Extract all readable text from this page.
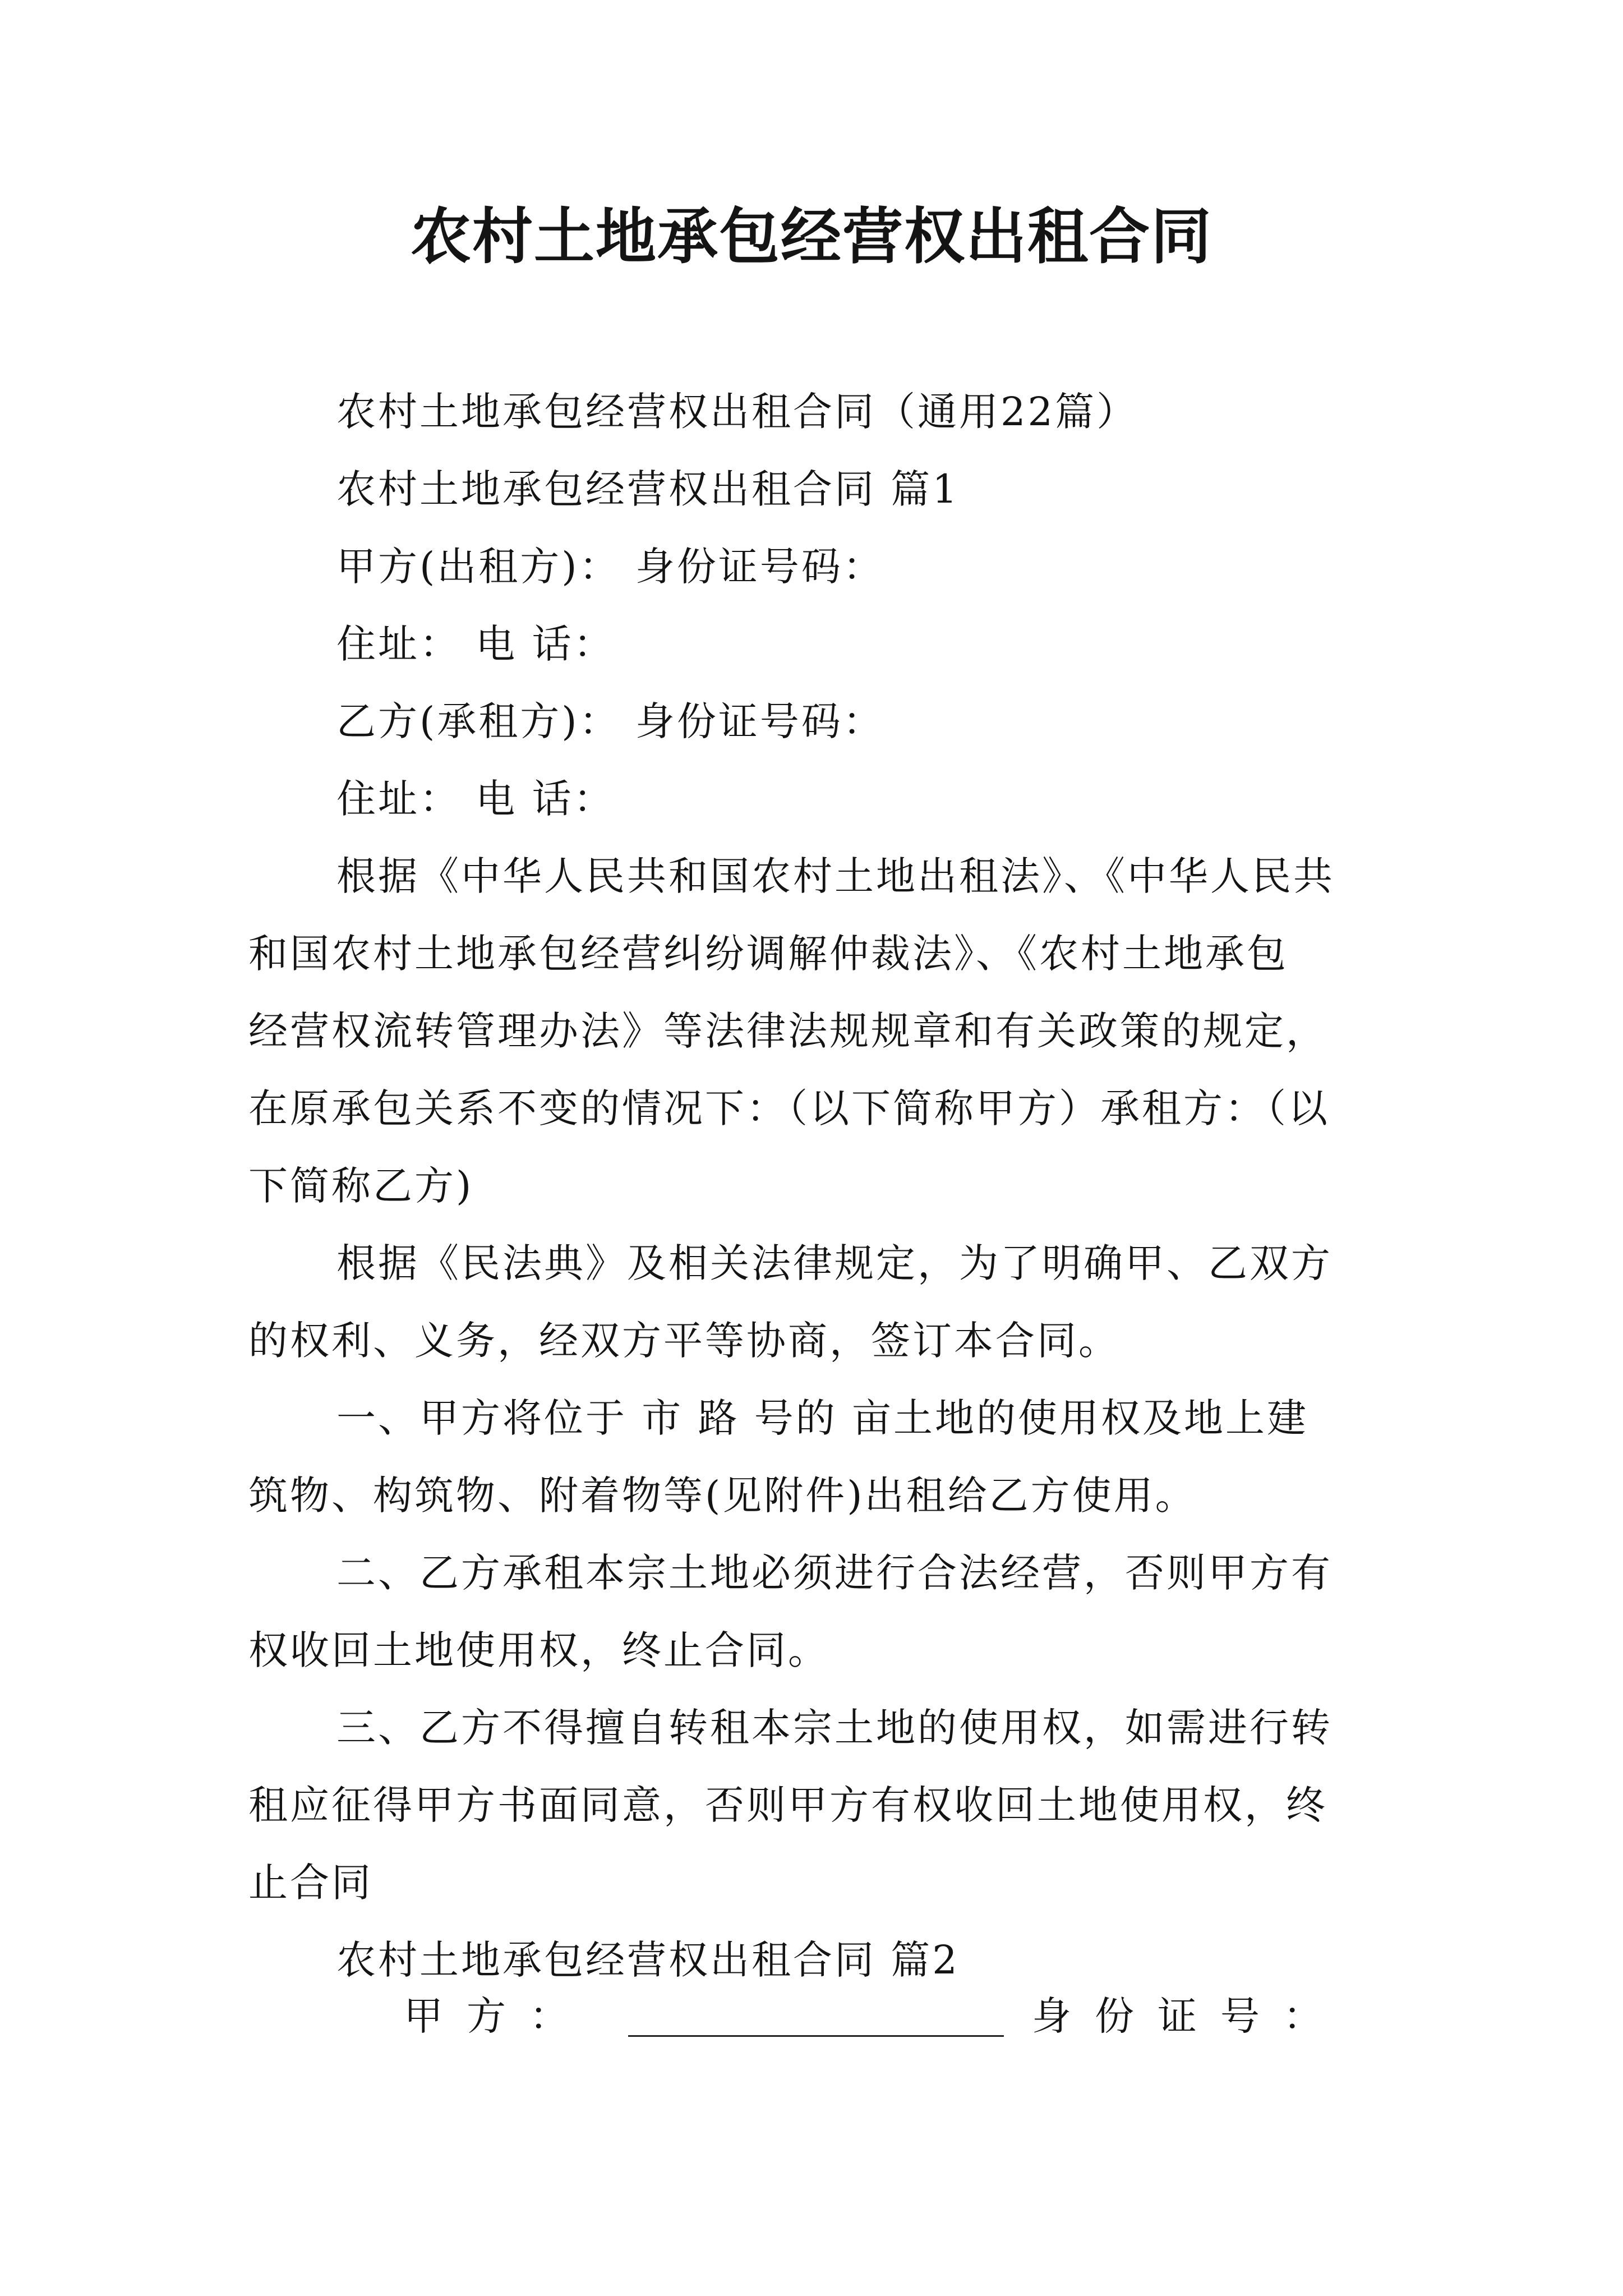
农村土地承包经营权出租合同
农村土地承包经营权出租合同（通用22篇）
农村土地承包经营权出租合同 篇1
甲方(出租方)： 身份证号码：
住址： 电 话：
乙方(承租方)： 身份证号码：
住址： 电 话：
根据《中华人民共和国农村土地出租法》、《中华人民共
和国农村土地承包经营纠纷调解仲裁法》、《农村土地承包
经营权流转管理办法》等法律法规规章和有关政策的规定，
在原承包关系不变的情况下：（以下简称甲方）承租方：（以
下简称乙方)
根据《民法典》及相关法律规定，为了明确甲、乙双方
的权利、义务，经双方平等协商，签订本合同。
一、甲方将位于 市 路 号的 亩土地的使用权及地上建
筑物、构筑物、附着物等(见附件)出租给乙方使用。
二、乙方承租本宗土地必须进行合法经营，否则甲方有
权收回土地使用权，终止合同。
三、乙方不得擅自转租本宗土地的使用权，如需进行转
租应征得甲方书面同意，否则甲方有权收回土地使用权，终
止合同
农村土地承包经营权出租合同 篇2
甲方：	身份证号：
